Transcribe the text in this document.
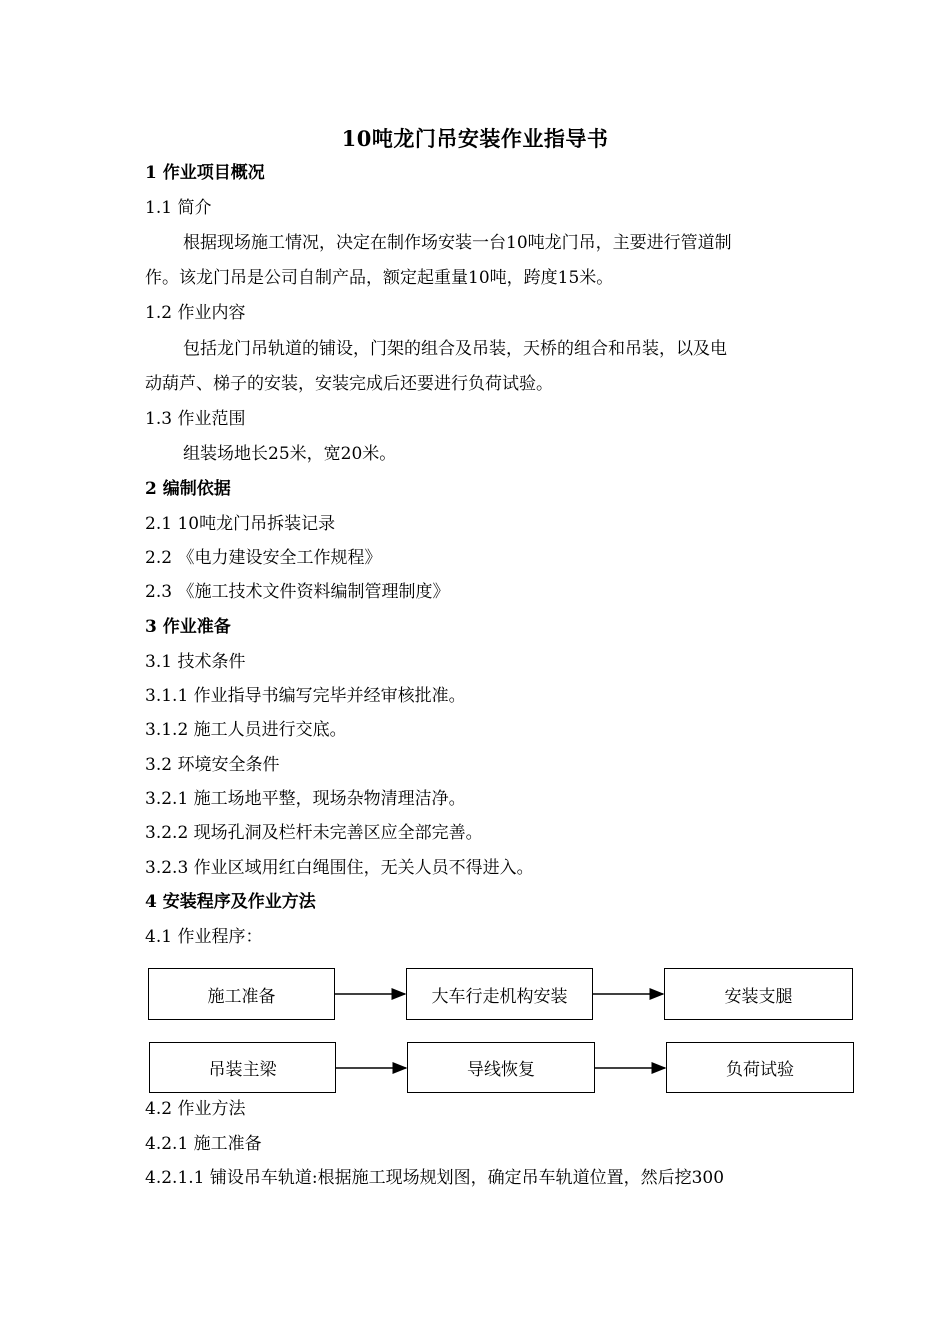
10吨龙门吊安装作业指导书
1 作业项目概况
1.1 简介
根据现场施工情况，决定在制作场安装一台10吨龙门吊，主要进行管道制
作。该龙门吊是公司自制产品，额定起重量10吨，跨度15米。
1.2 作业内容
包括龙门吊轨道的铺设，门架的组合及吊装，天桥的组合和吊装，以及电
动葫芦、梯子的安装，安装完成后还要进行负荷试验。
1.3 作业范围
组装场地长25米，宽20米。
2 编制依据
2.1 10吨龙门吊拆装记录
2.2 《电力建设安全工作规程》
2.3 《施工技术文件资料编制管理制度》
3 作业准备
3.1 技术条件
3.1.1 作业指导书编写完毕并经审核批准。
3.1.2 施工人员进行交底。
3.2 环境安全条件
3.2.1 施工场地平整，现场杂物清理洁净。
3.2.2 现场孔洞及栏杆未完善区应全部完善。
3.2.3 作业区域用红白绳围住，无关人员不得进入。
4 安装程序及作业方法
4.1 作业程序：
施工准备	大车行走机构安装	安装支腿
吊装主梁	导线恢复	负荷试验
4.2 作业方法
4.2.1 施工准备
4.2.1.1 铺设吊车轨道:根据施工现场规划图，确定吊车轨道位置，然后挖300
